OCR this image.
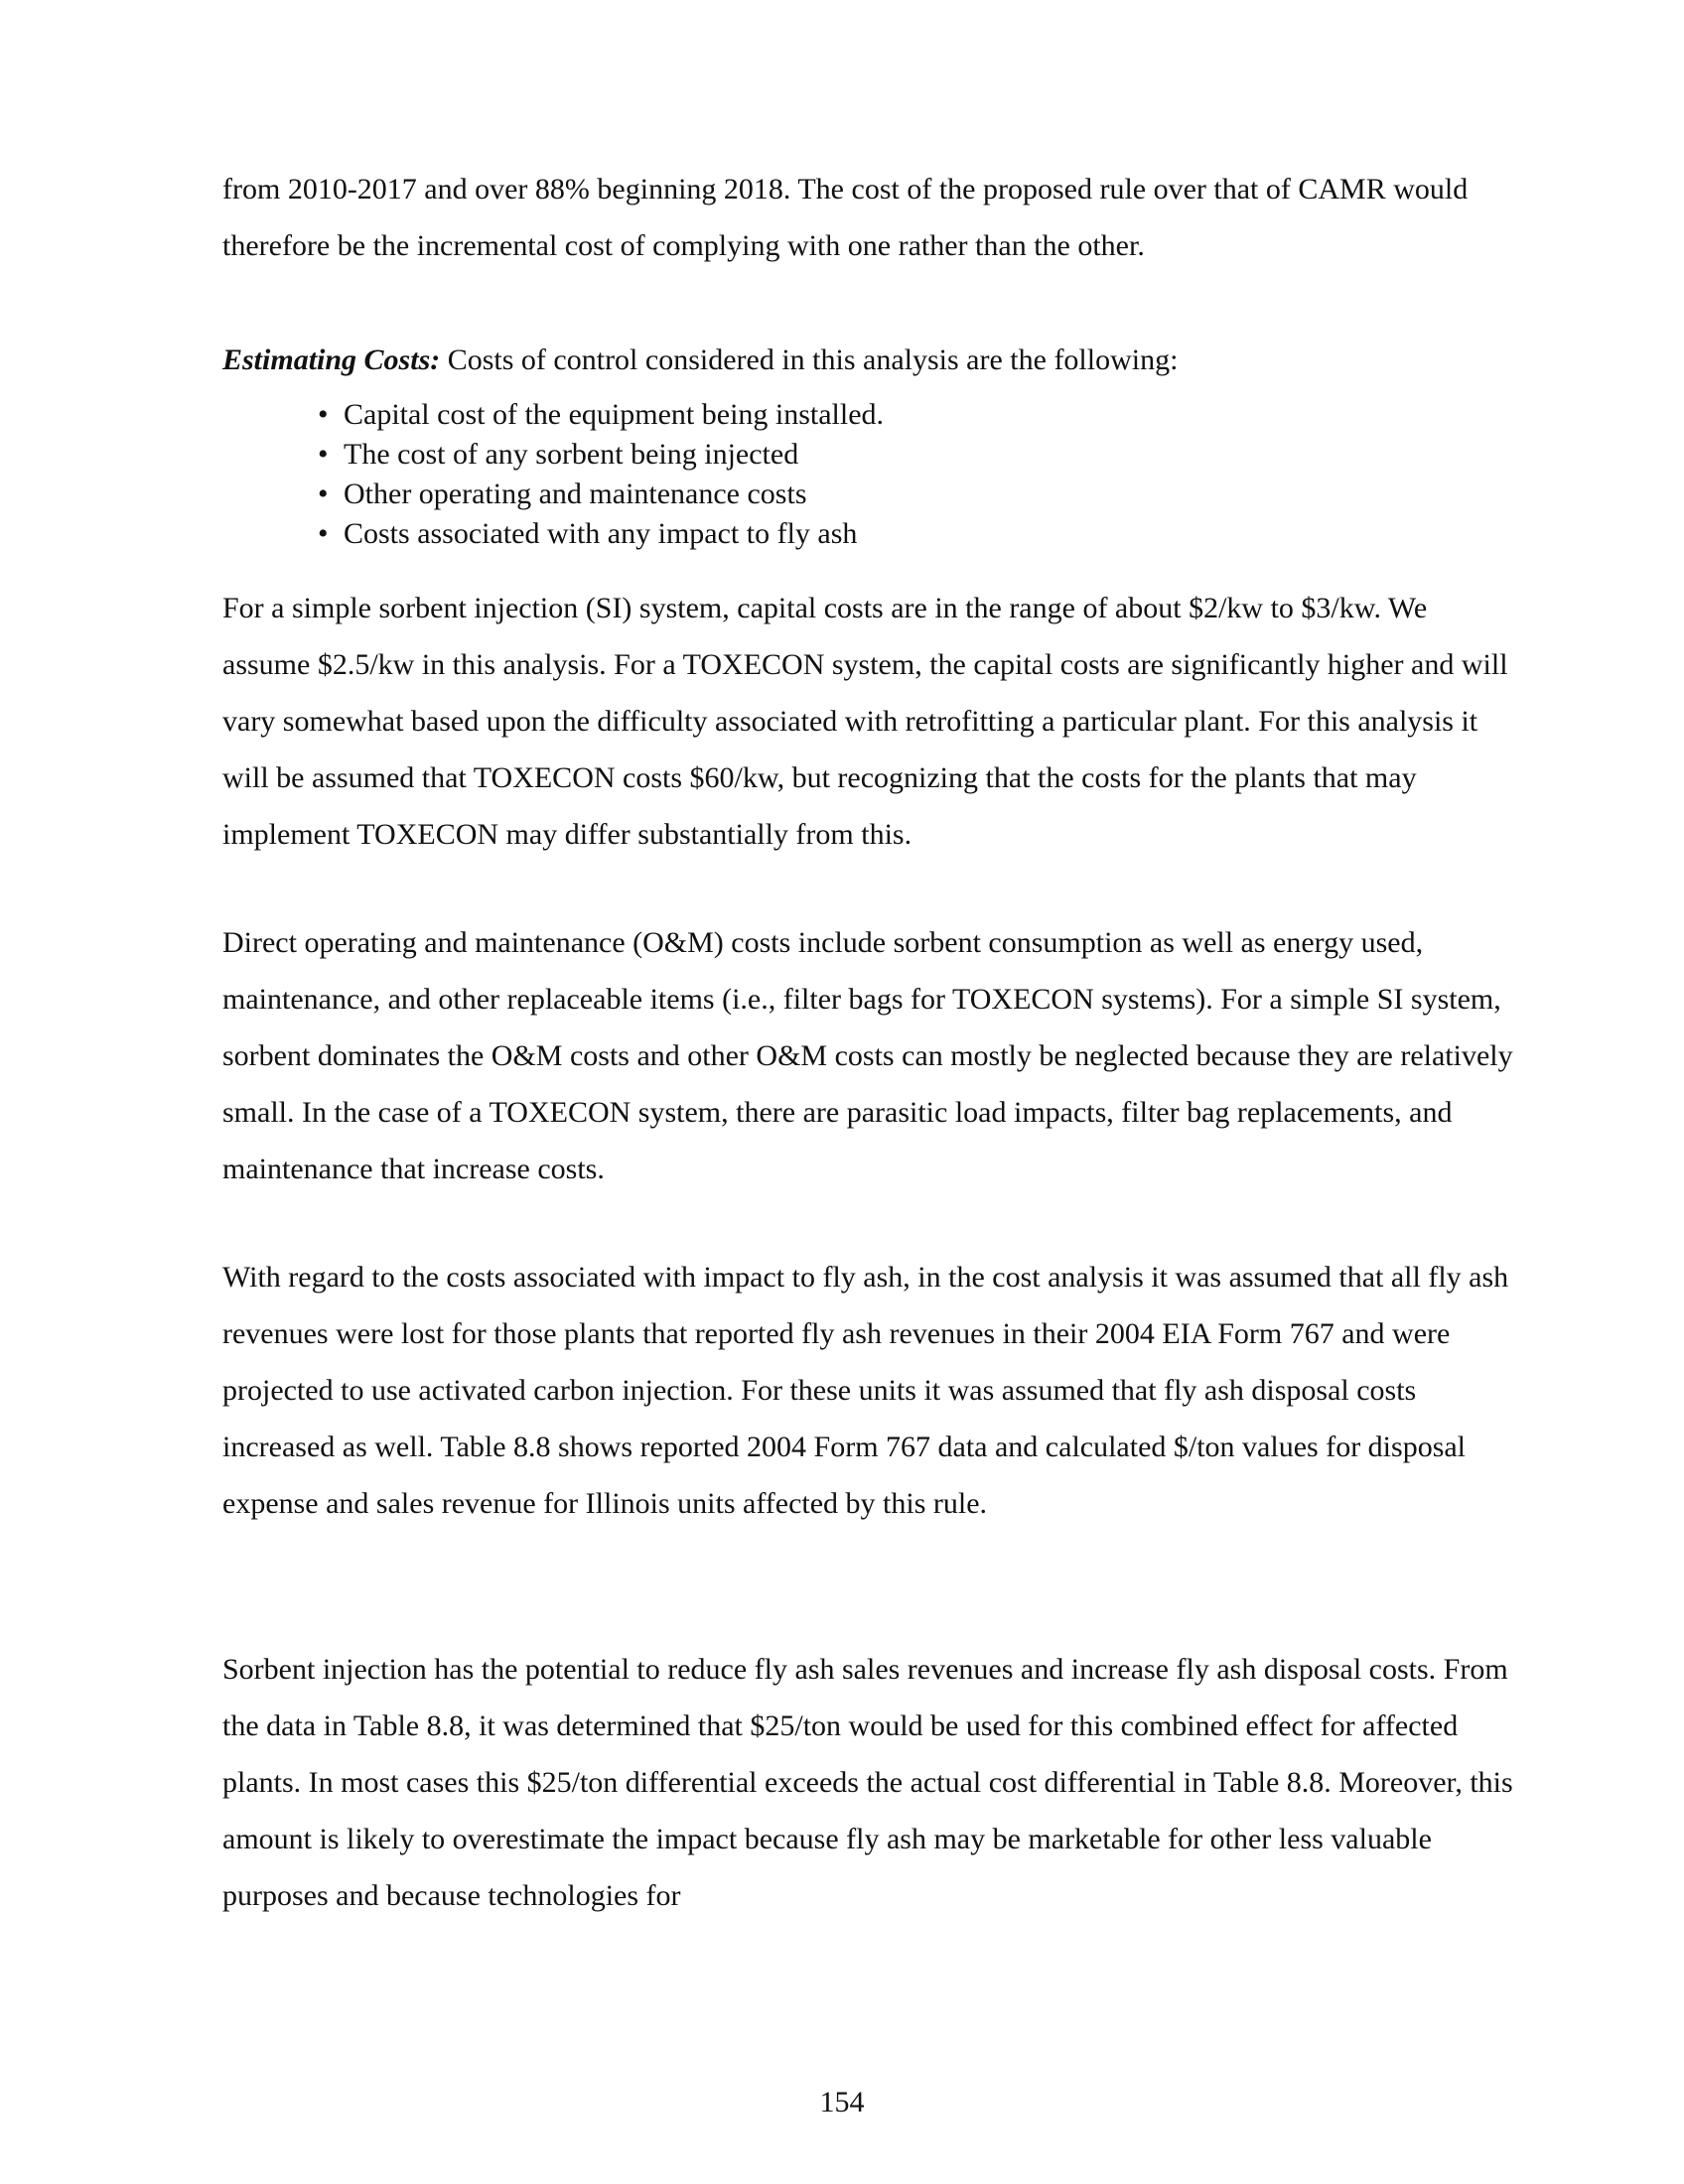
from 2010-2017 and over 88% beginning 2018. The cost of the proposed rule over that of CAMR would therefore be the incremental cost of complying with one rather than the other.

Estimating Costs: Costs of control considered in this analysis are the following:

• Capital cost of the equipment being installed.
• The cost of any sorbent being injected
• Other operating and maintenance costs
• Costs associated with any impact to fly ash

For a simple sorbent injection (SI) system, capital costs are in the range of about $2/kw to $3/kw. We assume $2.5/kw in this analysis. For a TOXECON system, the capital costs are significantly higher and will vary somewhat based upon the difficulty associated with retrofitting a particular plant. For this analysis it will be assumed that TOXECON costs $60/kw, but recognizing that the costs for the plants that may implement TOXECON may differ substantially from this.

Direct operating and maintenance (O&M) costs include sorbent consumption as well as energy used, maintenance, and other replaceable items (i.e., filter bags for TOXECON systems). For a simple SI system, sorbent dominates the O&M costs and other O&M costs can mostly be neglected because they are relatively small. In the case of a TOXECON system, there are parasitic load impacts, filter bag replacements, and maintenance that increase costs.

With regard to the costs associated with impact to fly ash, in the cost analysis it was assumed that all fly ash revenues were lost for those plants that reported fly ash revenues in their 2004 EIA Form 767 and were projected to use activated carbon injection. For these units it was assumed that fly ash disposal costs increased as well. Table 8.8 shows reported 2004 Form 767 data and calculated $/ton values for disposal expense and sales revenue for Illinois units affected by this rule.

Sorbent injection has the potential to reduce fly ash sales revenues and increase fly ash disposal costs. From the data in Table 8.8, it was determined that $25/ton would be used for this combined effect for affected plants. In most cases this $25/ton differential exceeds the actual cost differential in Table 8.8. Moreover, this amount is likely to overestimate the impact because fly ash may be marketable for other less valuable purposes and because technologies for

154
